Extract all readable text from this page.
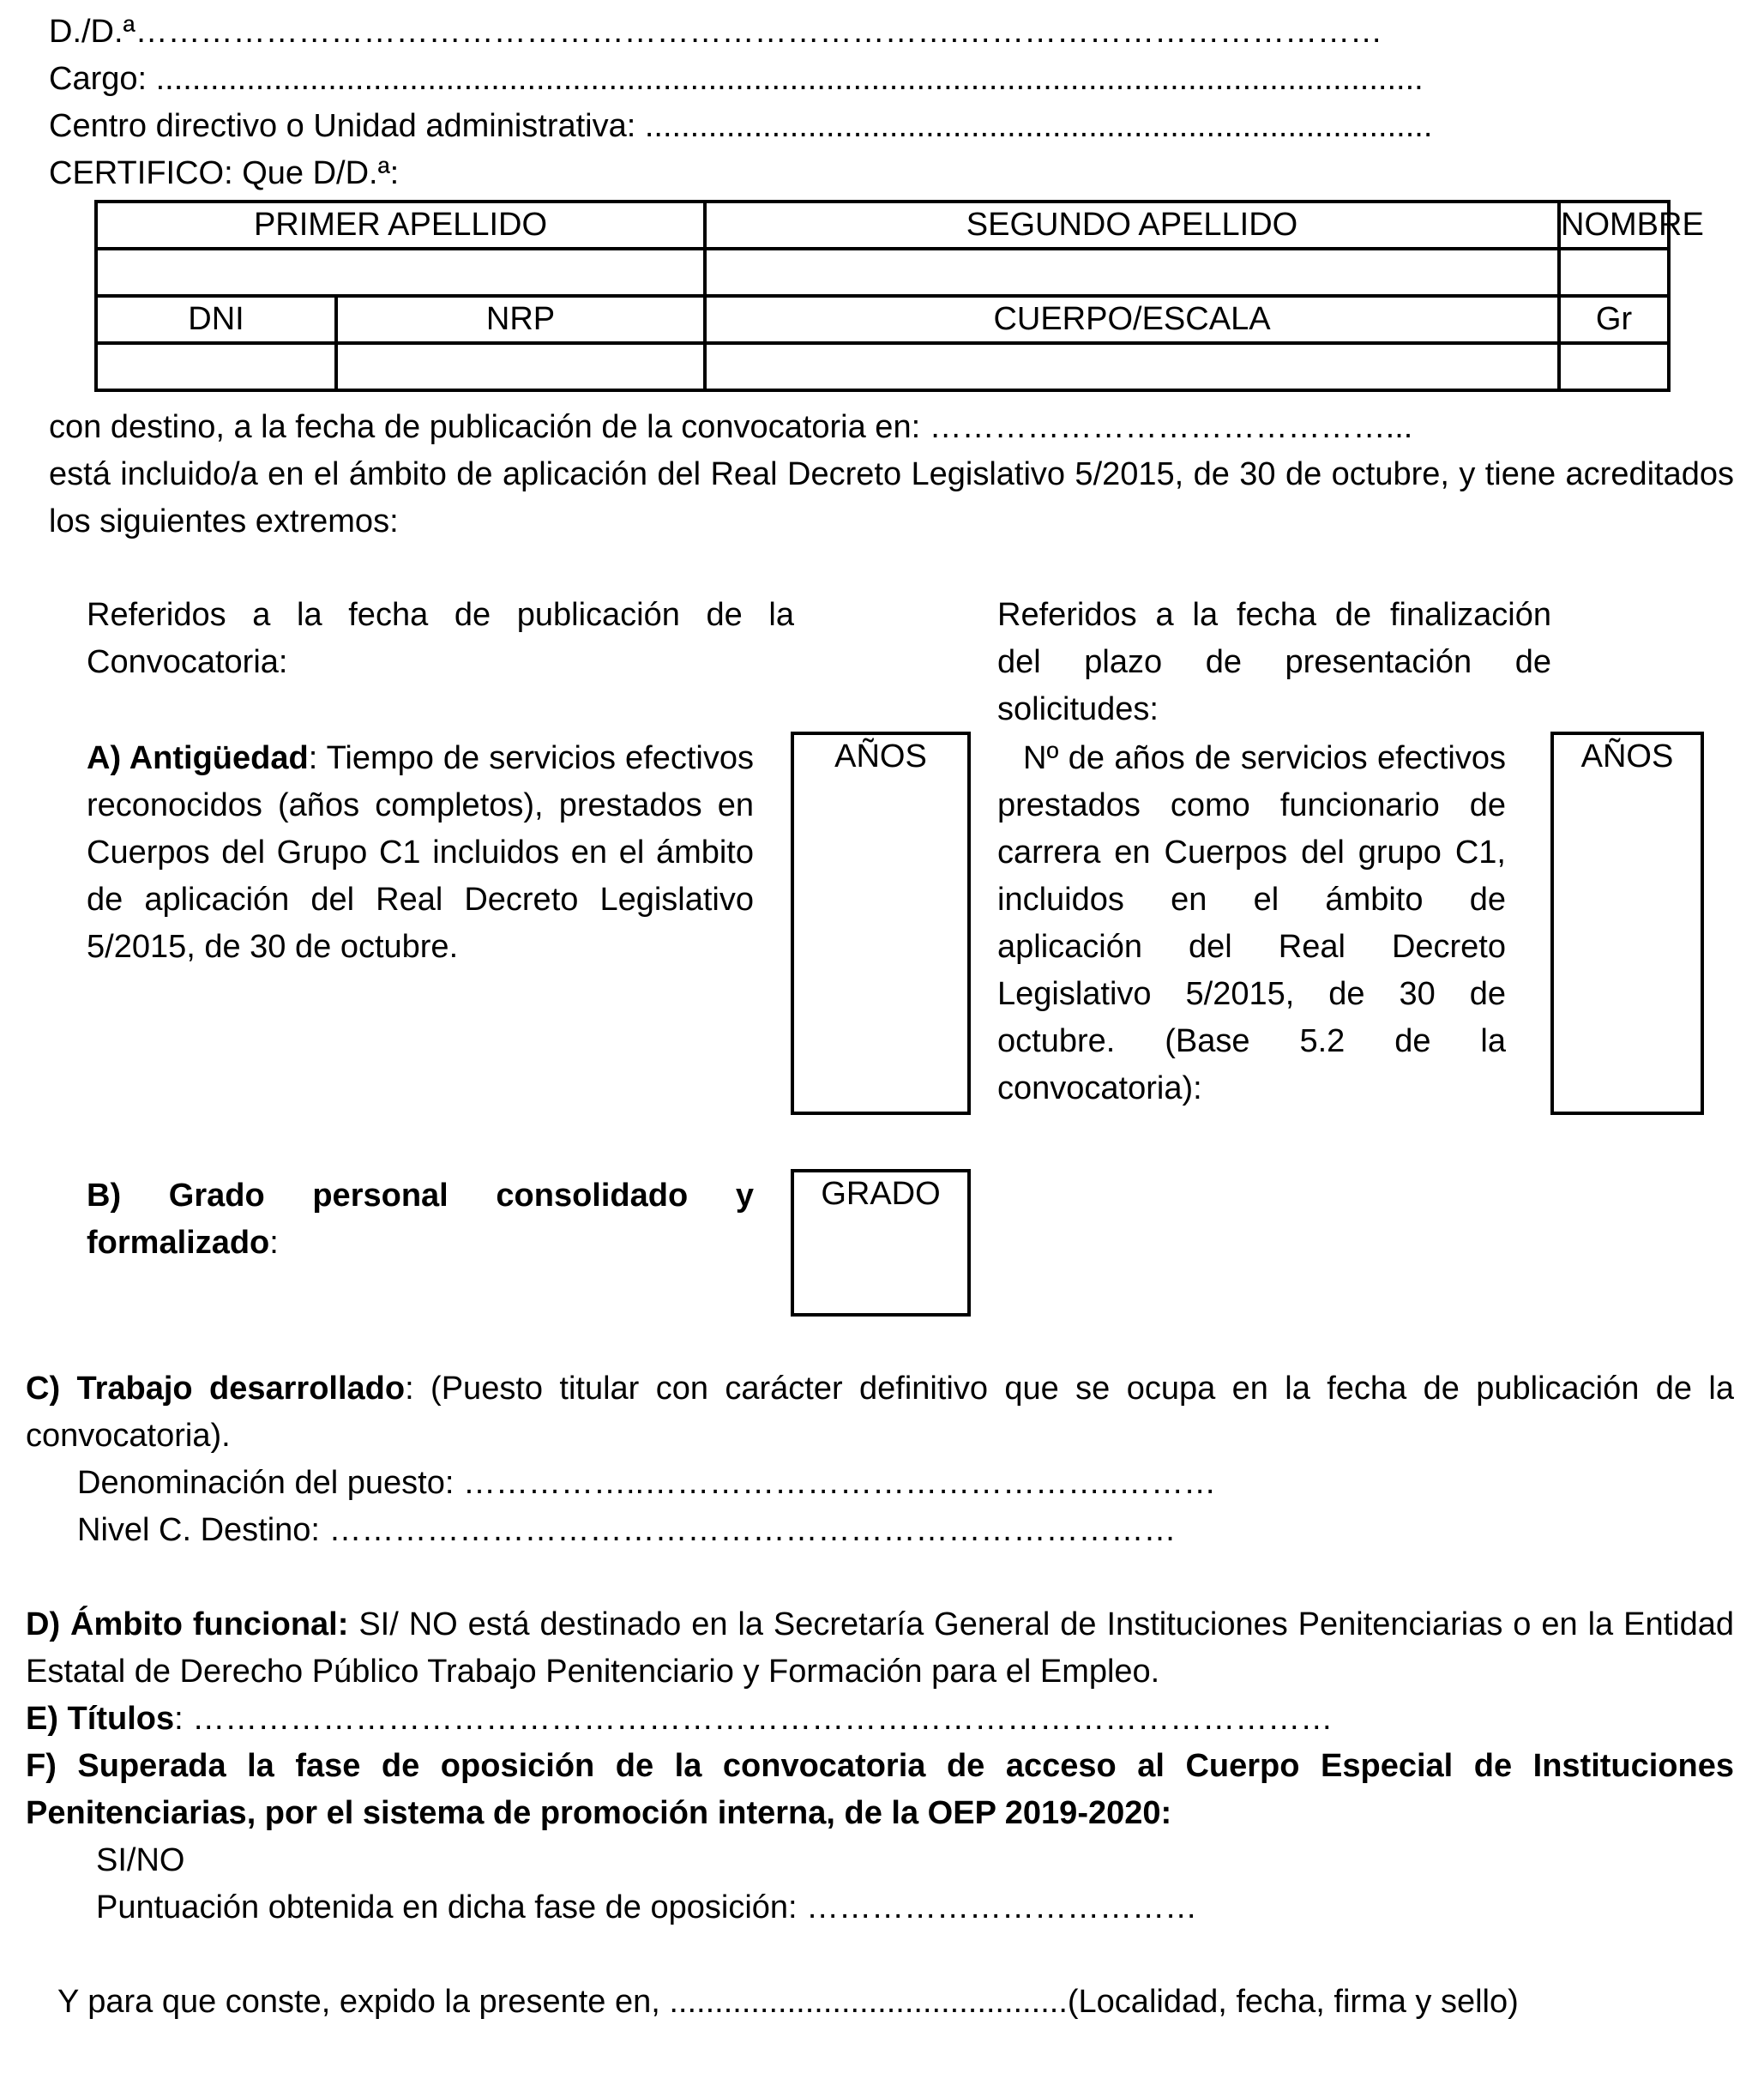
D./D.ª………………………………………………………………….…………………………………
Cargo: ............................................................................................................................................
Centro directivo o Unidad administrativa: .......................................................................................
CERTIFICO: Que D/D.ª:
PRIMER APELLIDO		SEGUNDO APELLIDO	NOMBRE

DNI	NRP	CUERPO/ESCALA	Gr

con destino, a la fecha de publicación de la convocatoria en: ……………………………………...
está incluido/a en el ámbito de aplicación del Real Decreto Legislativo 5/2015, de 30 de octubre, y tiene acreditados los siguientes extremos:
Referidos a la fecha de publicación de la Convocatoria:
Referidos a la fecha de finalización del plazo de presentación de solicitudes:
A) Antigüedad: Tiempo de servicios efectivos reconocidos (años completos), prestados en Cuerpos del Grupo C1 incluidos en el ámbito de aplicación del Real Decreto Legislativo 5/2015, de 30 de octubre.
AÑOS	Nº de años de servicios efectivos prestados como funcionario de carrera en Cuerpos del grupo C1, incluidos en el ámbito de aplicación del Real Decreto Legislativo 5/2015, de 30 de octubre. (Base 5.2 de la convocatoria):
AÑOS
B) Grado personal consolidado y formalizado:
GRADO
C) Trabajo desarrollado: (Puesto titular con carácter definitivo que se ocupa en la fecha de publicación de la convocatoria).
Denominación del puesto: ……………..……………………………………..………
Nivel C. Destino: ……………………………………………………………………
D) Ámbito funcional: SI/ NO está destinado en la Secretaría General de Instituciones Penitenciarias o en la Entidad Estatal de Derecho Público Trabajo Penitenciario y Formación para el Empleo.
E) Títulos: ……………………………………………………………………………………………
F) Superada la fase de oposición de la convocatoria de acceso al Cuerpo Especial de Instituciones Penitenciarias, por el sistema de promoción interna, de la OEP 2019-2020:
SI/NO
Puntuación obtenida en dicha fase de oposición: ………………………………
Y para que conste, expido la presente en, ............................................(Localidad, fecha, firma y sello)
